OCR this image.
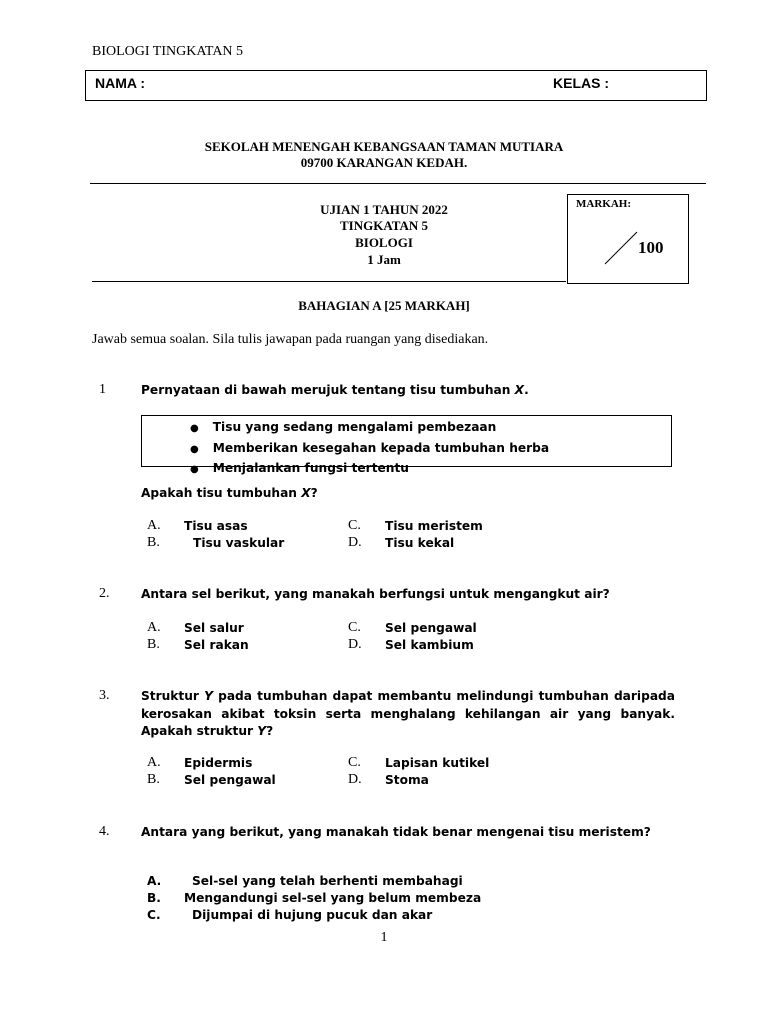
BIOLOGI TINGKATAN 5
NAMA :	KELAS :
SEKOLAH MENENGAH KEBANGSAAN TAMAN MUTIARA
09700 KARANGAN KEDAH.
UJIAN 1 TAHUN 2022
TINGKATAN 5
BIOLOGI
1 Jam
MARKAH:
100
BAHAGIAN A [25 MARKAH]
Jawab semua soalan. Sila tulis jawapan pada ruangan yang disediakan.
1	Pernyataan di bawah merujuk tentang tisu tumbuhan X.
● Tisu yang sedang mengalami pembezaan
● Memberikan kesegahan kepada tumbuhan herba
● Menjalankan fungsi tertentu
Apakah tisu tumbuhan X?
A. Tisu asas
B.	Tisu vaskular
C. Tisu meristem
D. Tisu kekal
2.	Antara sel berikut, yang manakah berfungsi untuk mengangkut air?
A. Sel salur
B. Sel rakan
C. Sel pengawal
D. Sel kambium
3.	Struktur Y pada tumbuhan dapat membantu melindungi tumbuhan daripada kerosakan akibat toksin serta menghalang kehilangan air yang banyak. Apakah struktur Y?
A. Epidermis
B. Sel pengawal
C. Lapisan kutikel
D. Stoma
4.	Antara yang berikut, yang manakah tidak benar mengenai tisu meristem?
A.	Sel-sel yang telah berhenti membahagi
B. Mengandungi sel-sel yang belum membeza
C.	Dijumpai di hujung pucuk dan akar
1
